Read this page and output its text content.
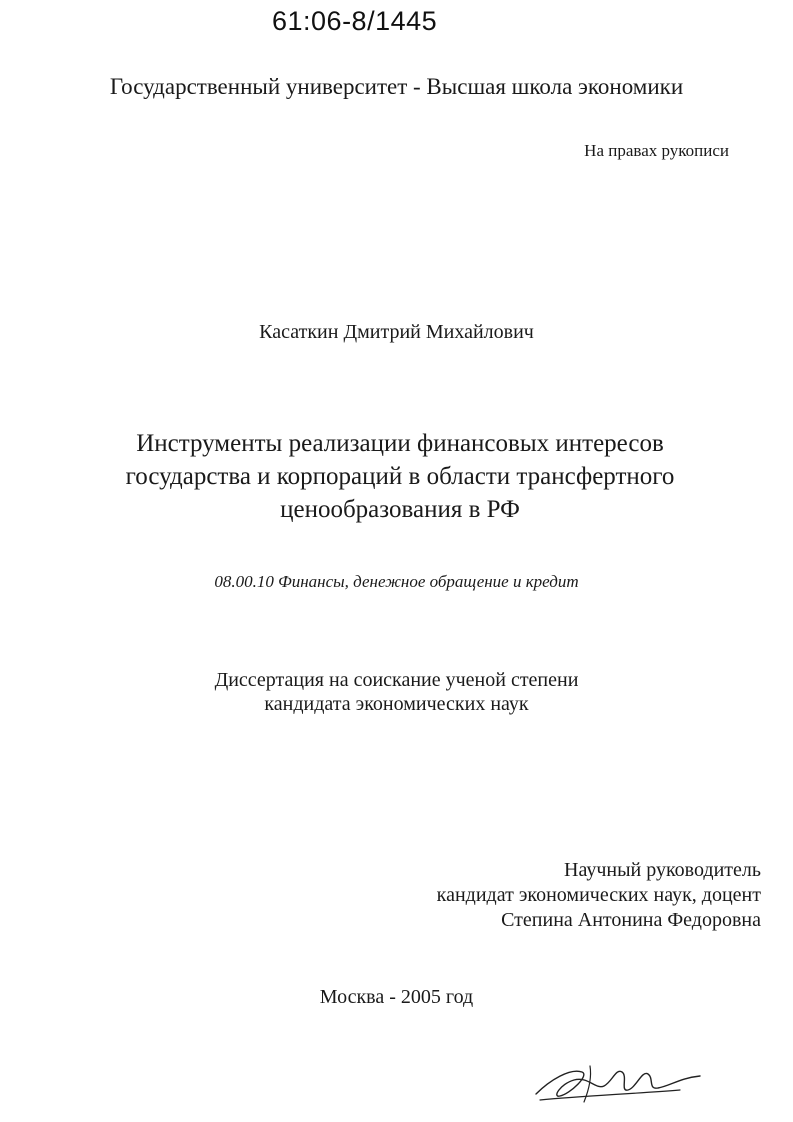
61:06-8/1445
Государственный университет - Высшая школа экономики
На правах рукописи
Касаткин Дмитрий Михайлович
Инструменты реализации финансовых интересов
государства и корпораций в области трансфертного
ценообразования в РФ
08.00.10 Финансы, денежное обращение и кредит
Диссертация на соискание ученой степени
кандидата экономических наук
Научный руководитель
кандидат экономических наук, доцент
Степина Антонина Федоровна
Москва - 2005 год
